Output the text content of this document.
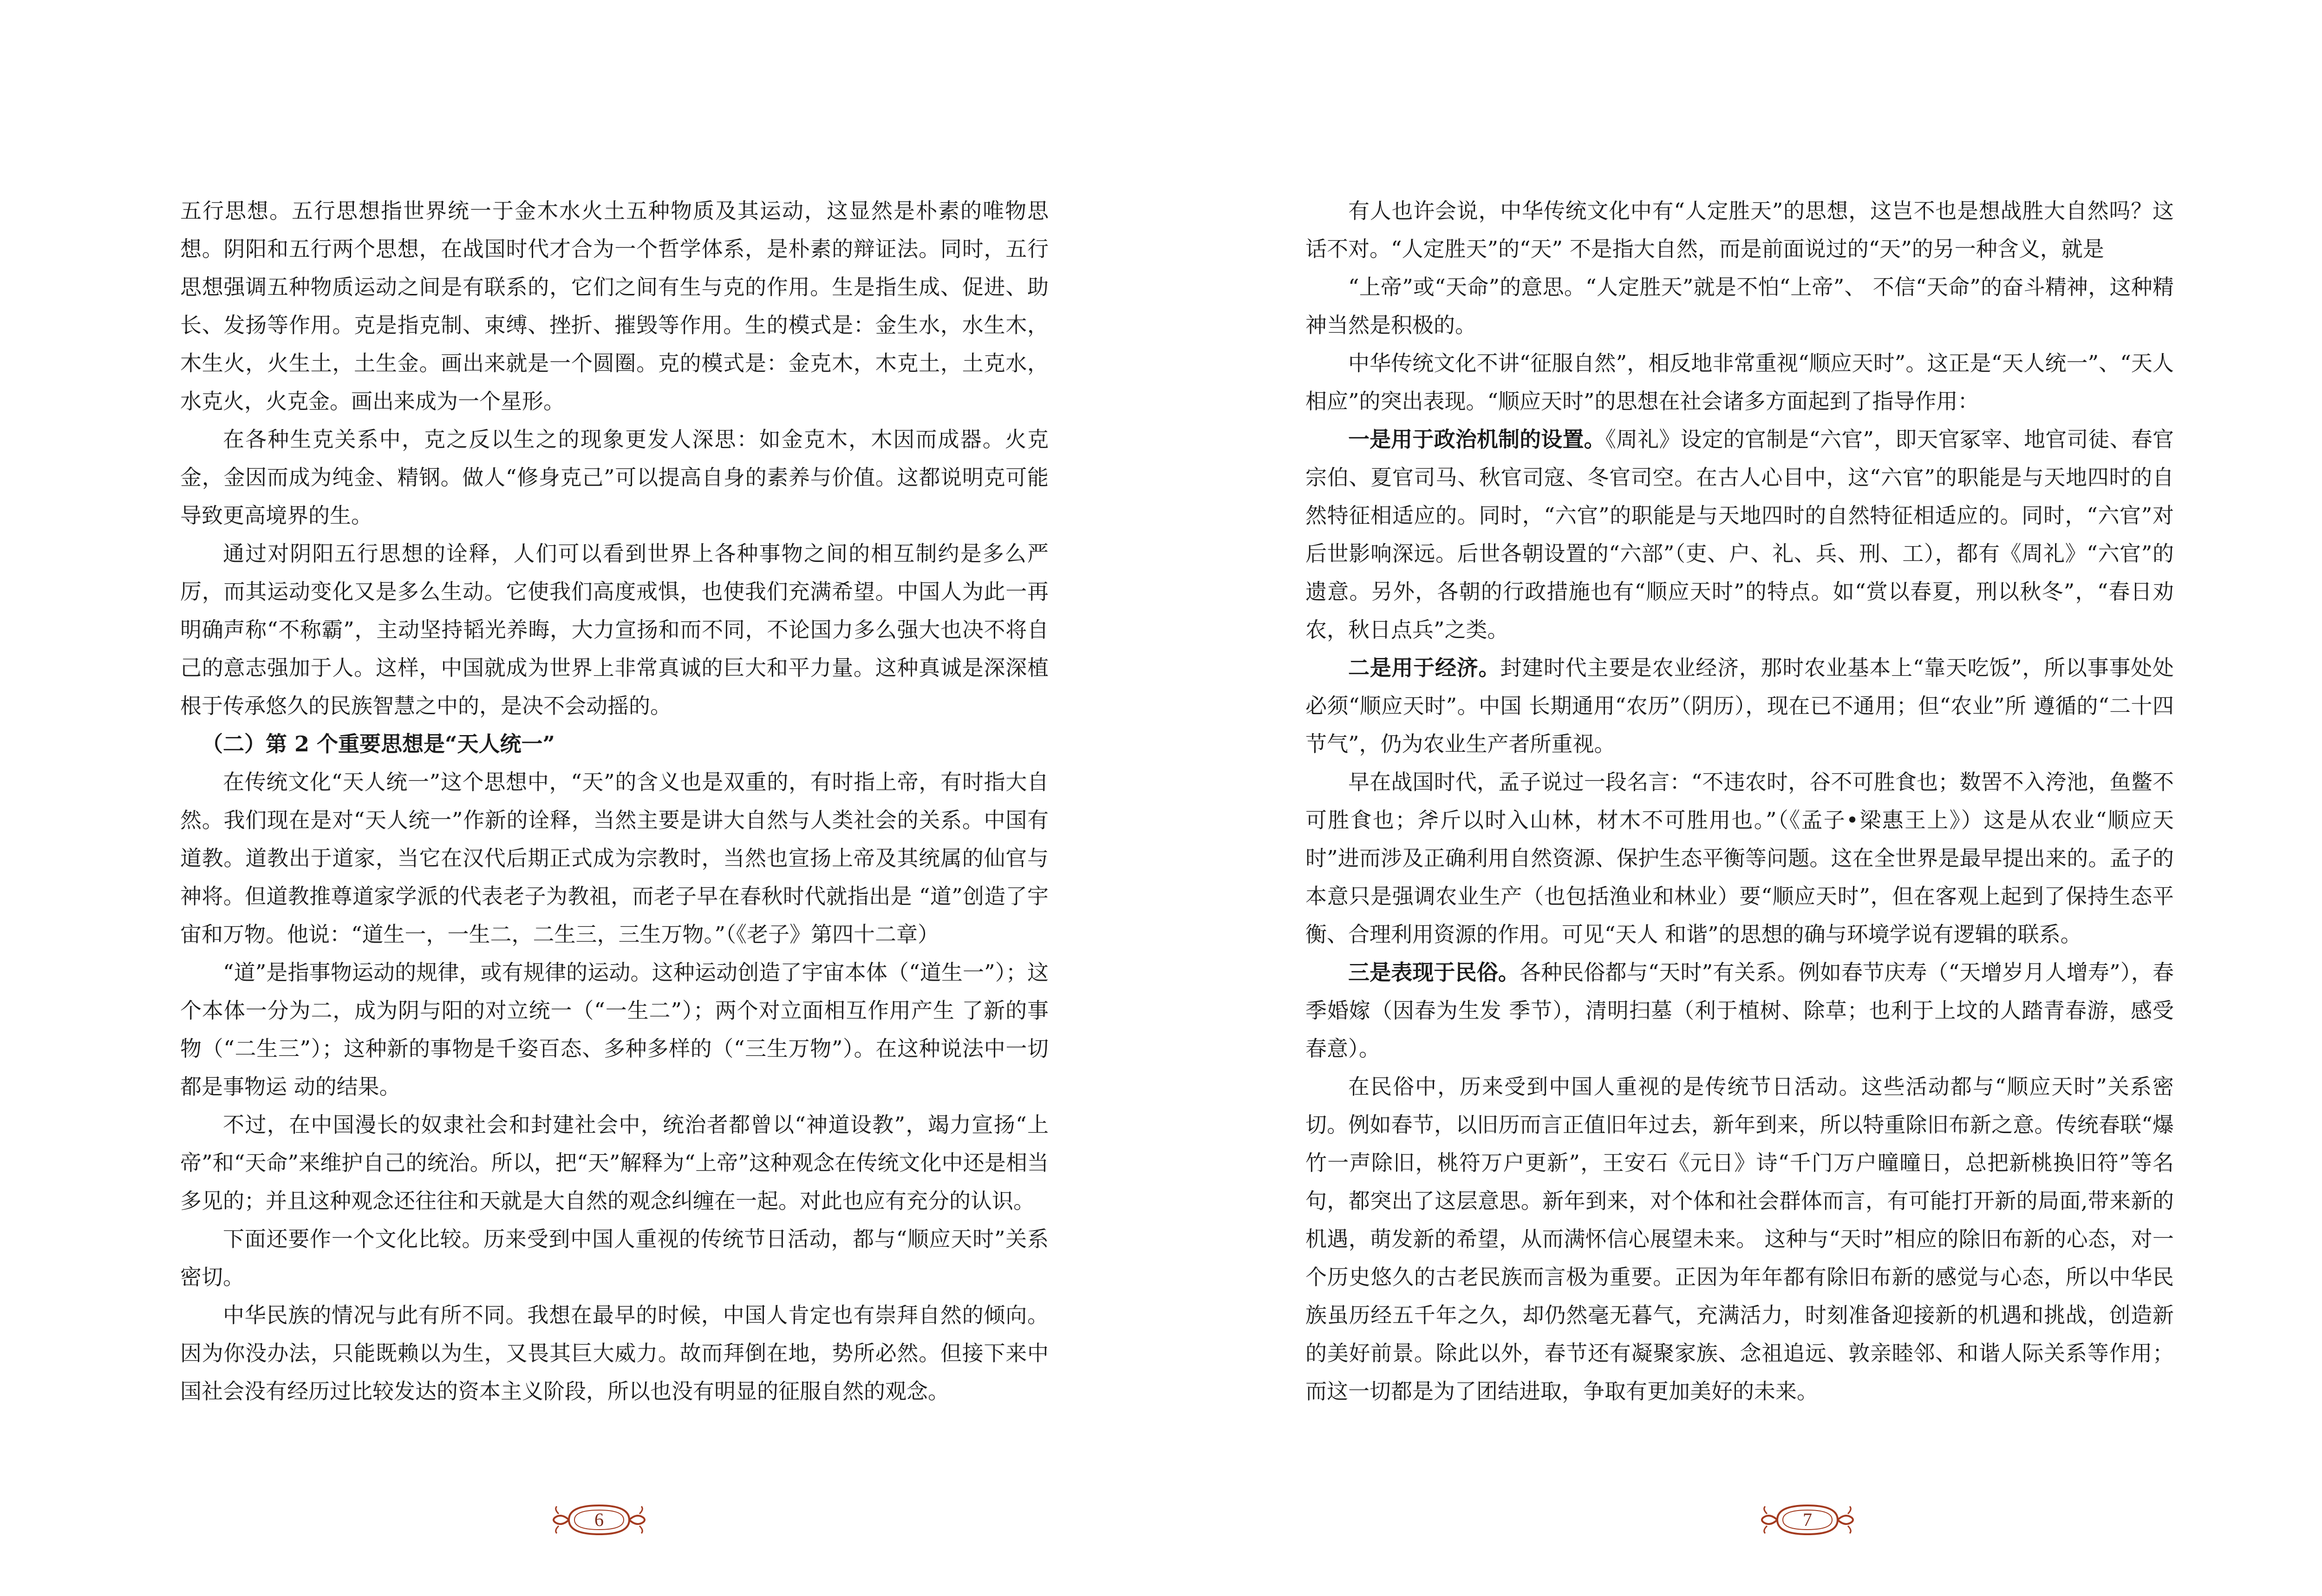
五行思想。五行思想指世界统一于金木水火土五种物质及其运动，这显然是朴素的唯物思想。阴阳和五行两个思想，在战国时代才合为一个哲学体系，是朴素的辩证法。同时，五行思想强调五种物质运动之间是有联系的，它们之间有生与克的作用。生是指生成、促进、助长、发扬等作用。克是指克制、束缚、挫折、摧毁等作用。生的模式是：金生水，水生木，木生火，火生土，土生金。画出来就是一个圆圈。克的模式是：金克木，木克土，土克水，水克火，火克金。画出来成为一个星形。

在各种生克关系中，克之反以生之的现象更发人深思：如金克木，木因而成器。火克金，金因而成为纯金、精钢。做人“修身克己”可以提高自身的素养与价值。这都说明克可能导致更高境界的生。

通过对阴阳五行思想的诠释，人们可以看到世界上各种事物之间的相互制约是多么严厉，而其运动变化又是多么生动。它使我们高度戒惧，也使我们充满希望。中国人为此一再明确声称“不称霸”，主动坚持韬光养晦，大力宣扬和而不同，不论国力多么强大也决不将自己的意志强加于人。这样，中国就成为世界上非常真诚的巨大和平力量。这种真诚是深深植根于传承悠久的民族智慧之中的，是决不会动摇的。

（二）第 2 个重要思想是“天人统一”

在传统文化“天人统一”这个思想中，“天”的含义也是双重的，有时指上帝，有时指大自然。我们现在是对“天人统一”作新的诠释，当然主要是讲大自然与人类社会的关系。中国有道教。道教出于道家，当它在汉代后期正式成为宗教时，当然也宣扬上帝及其统属的仙官与神将。但道教推尊道家学派的代表老子为教祖，而老子早在春秋时代就指出是 “道”创造了宇宙和万物。他说：“道生一，一生二，二生三，三生万物。”（《老子》第四十二章）

“道”是指事物运动的规律，或有规律的运动。这种运动创造了宇宙本体（“道生一”）；这个本体一分为二，成为阴与阳的对立统一（“一生二”）；两个对立面相互作用产生 了新的事物（“二生三”）；这种新的事物是千姿百态、多种多样的（“三生万物”）。在这种说法中一切都是事物运 动的结果。

不过，在中国漫长的奴隶社会和封建社会中，统治者都曾以“神道设教”，竭力宣扬“上帝”和“天命”来维护自己的统治。所以，把“天”解释为“上帝”这种观念在传统文化中还是相当多见的；并且这种观念还往往和天就是大自然的观念纠缠在一起。对此也应有充分的认识。

下面还要作一个文化比较。历来受到中国人重视的传统节日活动，都与“顺应天时”关系密切。

中华民族的情况与此有所不同。我想在最早的时候，中国人肯定也有崇拜自然的倾向。因为你没办法，只能既赖以为生，又畏其巨大威力。故而拜倒在地，势所必然。但接下来中国社会没有经历过比较发达的资本主义阶段，所以也没有明显的征服自然的观念。

6

有人也许会说，中华传统文化中有“人定胜天”的思想，这岂不也是想战胜大自然吗？这话不对。“人定胜天”的“天” 不是指大自然，而是前面说过的“天”的另一种含义，就是

“上帝”或“天命”的意思。“人定胜天”就是不怕“上帝”、 不信“天命”的奋斗精神，这种精神当然是积极的。

中华传统文化不讲“征服自然”，相反地非常重视“顺应天时”。这正是“天人统一”、“天人相应”的突出表现。“顺应天时”的思想在社会诸多方面起到了指导作用：

一是用于政治机制的设置。《周礼》设定的官制是“六官”，即天官冢宰、地官司徒、春官宗伯、夏官司马、秋官司寇、冬官司空。在古人心目中，这“六官”的职能是与天地四时的自然特征相适应的。同时，“六官”的职能是与天地四时的自然特征相适应的。同时，“六官”对后世影响深远。后世各朝设置的“六部”（吏、户、礼、兵、刑、工），都有《周礼》“六官”的遗意。另外，各朝的行政措施也有“顺应天时”的特点。如“赏以春夏，刑以秋冬”，“春日劝农，秋日点兵”之类。

二是用于经济。封建时代主要是农业经济，那时农业基本上“靠天吃饭”，所以事事处处必须“顺应天时”。中国 长期通用“农历”（阴历），现在已不通用；但“农业”所 遵循的“二十四节气”，仍为农业生产者所重视。

早在战国时代，孟子说过一段名言：“不违农时，谷不可胜食也；数罟不入洿池，鱼鳖不可胜食也；斧斤以时入山林，材木不可胜用也。”（《孟子•梁惠王上》）这是从农业“顺应天时”进而涉及正确利用自然资源、保护生态平衡等问题。这在全世界是最早提出来的。孟子的本意只是强调农业生产（也包括渔业和林业）要“顺应天时”，但在客观上起到了保持生态平衡、合理利用资源的作用。可见“天人 和谐”的思想的确与环境学说有逻辑的联系。

三是表现于民俗。各种民俗都与“天时”有关系。例如春节庆寿（“天增岁月人增寿”），春季婚嫁（因春为生发 季节），清明扫墓（利于植树、除草；也利于上坟的人踏青春游，感受春意）。

在民俗中，历来受到中国人重视的是传统节日活动。这些活动都与“顺应天时”关系密切。例如春节，以旧历而言正值旧年过去，新年到来，所以特重除旧布新之意。传统春联“爆竹一声除旧，桃符万户更新”，王安石《元日》诗“千门万户曈曈日，总把新桃换旧符”等名句，都突出了这层意思。新年到来，对个体和社会群体而言，有可能打开新的局面,带来新的机遇，萌发新的希望，从而满怀信心展望未来。 这种与“天时”相应的除旧布新的心态，对一个历史悠久的古老民族而言极为重要。正因为年年都有除旧布新的感觉与心态，所以中华民族虽历经五千年之久，却仍然毫无暮气，充满活力，时刻准备迎接新的机遇和挑战，创造新的美好前景。除此以外，春节还有凝聚家族、念祖追远、敦亲睦邻、和谐人际关系等作用；而这一切都是为了团结进取，争取有更加美好的未来。

7
